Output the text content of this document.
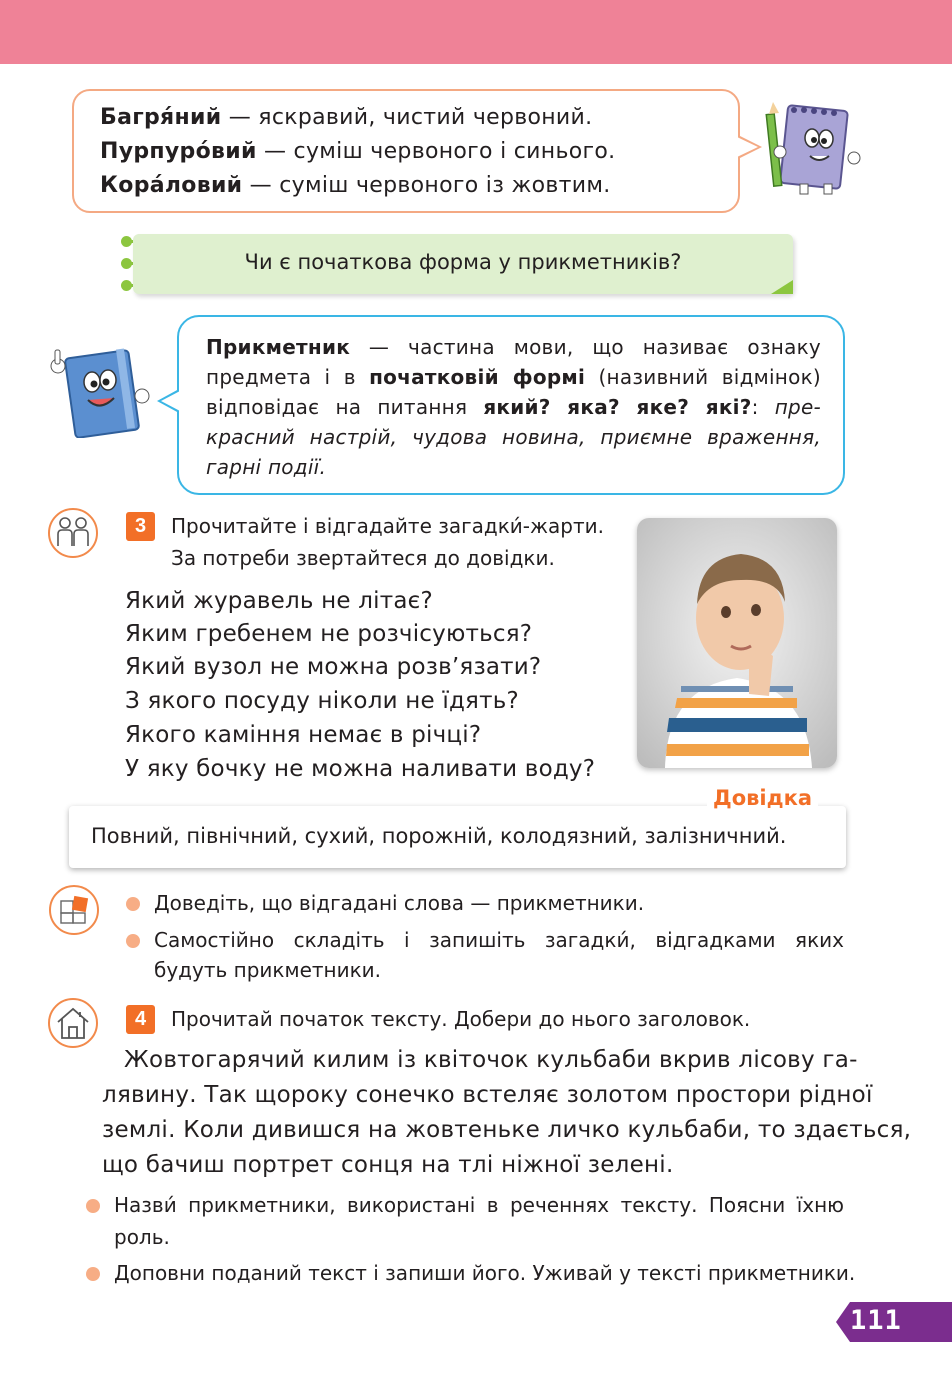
Багря́ний — яскравий, чистий червоний.
Пурпуро́вий — суміш червоного і синього.
Кора́ловий — суміш червоного із жовтим.
Чи є початкова форма у прикметників?
Прикметник — частина мови, що називає ознаку
предмета і в початковій формі (називний відмінок)
відповідає на питання який? яка? яке? які?: пре-
красний настрій, чудова новина, приємне враження,
гарні події.
3	Прочитайте і відгадайте загадки́-жарти.
За потреби звертайтеся до довідки.
Який журавель не літає?
Яким гребенем не розчісуються?
Який вузол не можна розв’язати?
З якого посуду ніколи не їдять?
Якого каміння немає в річці?
У яку бочку не можна наливати воду?
Повний, північний, сухий, порожній, колодязний, залізничний.
Довідка
Доведіть, що відгадані слова — прикметники.
Самостійно складіть і запишіть загадки́, відгадками яких
будуть прикметники.
4	Прочитай початок тексту. Добери до нього заголовок.
Жовтогарячий килим із квіточок кульбаби вкрив лісову га-
лявину. Так щороку сонечко встеляє золотом простори рідної
землі. Коли дивишся на жовтеньке личко кульбаби, то здається,
що бачиш портрет сонця на тлі ніжної зелені.
Назви́ прикметники, використані в реченнях тексту. Поясни їхню
роль.
Доповни поданий текст і запиши його. Уживай у тексті прикметники.
111
